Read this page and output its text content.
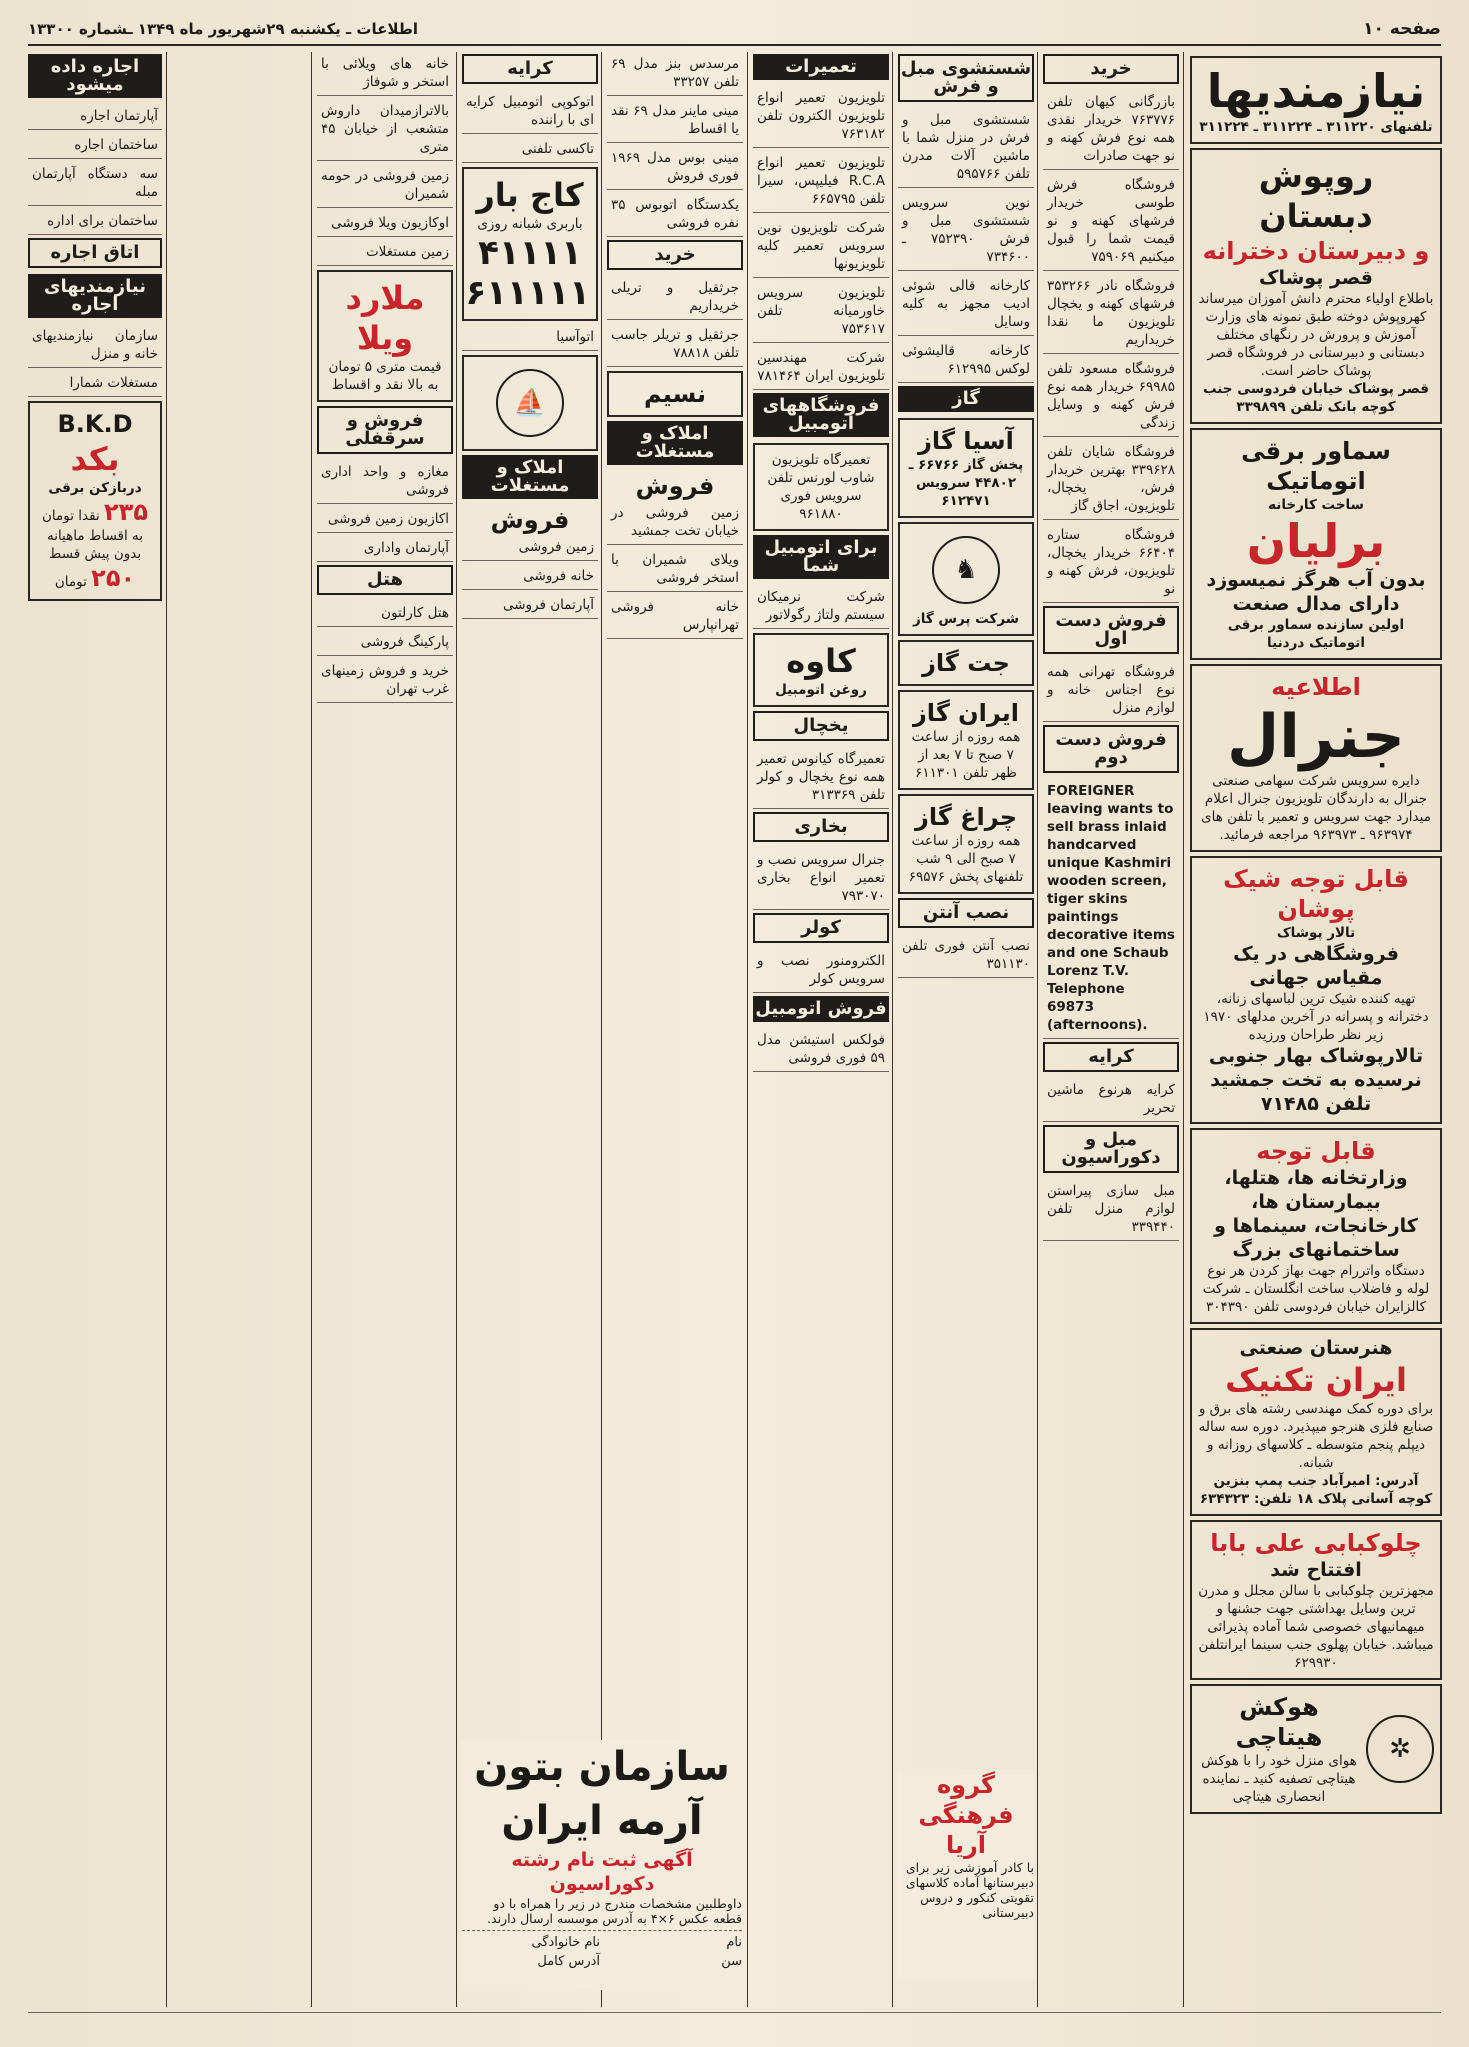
صفحه ۱۰
اطلاعات ـ یکشنبه ۲۹شهریور ماه ۱۳۴۹ ـشماره ۱۳۳۰۰
نیازمندیها
تلفنهای ۳۱۱۲۲۰ ـ ۳۱۱۲۲۴ ـ ۳۱۱۲۲۴
روپوش دبستان
و دبیرستان دخترانه
قصر پوشاک
باطلاع اولیاء محترم دانش آموزان میرساند کهروپوش دوخته طبق نمونه های وزارت آموزش و پرورش در رنگهای مختلف دبستانی و دبیرستانی در فروشگاه قصر پوشاک حاضر است.
قصر پوشاک خیابان فردوسی جنب کوچه بانک تلفن ۳۳۹۸۹۹
سماور برقی اتوماتیک
ساخت کارخانه
برلیان
بدون آب هرگز نمیسوزد دارای مدال صنعت
اولین سازنده سماور برقی اتوماتیک دردنیا
اطلاعیه
جنرال
دایره سرویس شرکت سهامی صنعتی جنرال به دارندگان تلویزیون جنرال اعلام میدارد جهت سرویس و تعمیر با تلفن های ۹۶۳۹۷۴ ـ ۹۶۳۹۷۳ مراجعه فرمائید.
قابل توجه شیک پوشان
تالار پوشاک
فروشگاهی در یک مقیاس جهانی
تهیه کننده شیک ترین لباسهای زنانه، دخترانه و پسرانه در آخرین مدلهای ۱۹۷۰ زیر نظر طراحان ورزیده
تالارپوشاک بهار جنوبی نرسیده به تخت جمشید تلفن ۷۱۴۸۵
قابل توجه
وزارتخانه ها، هتلها، بیمارستان ها، کارخانجات، سینماها و ساختمانهای بزرگ
دستگاه واتررام جهت بهاز کردن هر نوع لوله و فاضلاب ساخت انگلستان ـ شرکت کالزایران خیابان فردوسی تلفن ۳۰۴۳۹۰
هنرستان صنعتی
ایران تکنیک
برای دوره کمک مهندسی رشته های برق و صنایع فلزی هنرجو میپذیرد. دوره سه ساله دیپلم پنجم متوسطه ـ کلاسهای روزانه و شبانه.
آدرس: امیرآباد جنب پمپ بنزین کوچه آسانی پلاک ۱۸ تلفن: ۶۳۴۳۲۳
چلوکبابی علی بابا
افتتاح شد
مجهزترین چلوکبابی با سالن مجلل و مدرن ترین وسایل بهداشتی جهت جشنها و میهمانیهای خصوصی شما آماده پذیرائی میباشد. خیابان پهلوی جنب سینما ایرانتلفن ۶۲۹۹۳۰
✲
هوکش هیتاچی
هوای منزل خود را با هوکش هیتاچی تصفیه کنید ـ نماینده انحصاری هیتاچی
خرید
بازرگانی کیهان تلفن ۷۶۳۷۷۶ خریدار نقدی همه نوع فرش کهنه و نو جهت صادرات
فروشگاه فرش طوسی خریدار فرشهای کهنه و نو قیمت شما را قبول میکنیم ۷۵۹۰۶۹
فروشگاه نادر ۳۵۳۲۶۶ فرشهای کهنه و یخچال تلویزیون ما نقدا خریداریم
فروشگاه مسعود تلفن ۶۹۹۸۵ خریدار همه نوع فرش کهنه و وسایل زندگی
فروشگاه شایان تلفن ۳۳۹۶۲۸ بهترین خریدار فرش، یخچال، تلویزیون، اجاق گاز
فروشگاه ستاره ۶۶۴۰۴ خریدار یخچال، تلویزیون، فرش کهنه و نو
فروش دست اول
فروشگاه تهرانی همه نوع اجناس خانه و لوازم منزل
فروش دست دوم
FOREIGNER leaving wants to sell brass inlaid handcarved unique Kashmiri wooden screen, tiger skins paintings decorative items and one Schaub Lorenz T.V. Telephone 69873 (afternoons).
کرایه
کرایه هرنوع ماشین تحریر
مبل و دکوراسیون
مبل سازی پیراستن لوازم منزل تلفن ۳۳۹۴۴۰
شستشوی مبل و فرش
شستشوی مبل و فرش در منزل شما با ماشین آلات مدرن تلفن ۵۹۵۷۶۶
نوین سرویس شستشوی مبل و فرش ۷۵۲۳۹۰ ـ ۷۳۴۶۰۰
کارخانه قالی شوئی ادیب مجهز به کلیه وسایل
کارخانه قالیشوئی لوکس ۶۱۲۹۹۵
گاز
آسیا گاز
پخش گاز ۶۶۷۶۶ ـ ۴۴۸۰۲ سرویس ۶۱۲۴۷۱
♞
شرکت پرس گاز
جت گاز
ایران گاز
همه روزه از ساعت ۷ صبح تا ۷ بعد از ظهر تلفن ۶۱۱۳۰۱
چراغ گاز
همه روزه از ساعت ۷ صبح الی ۹ شب تلفنهای پخش ۶۹۵۷۶
نصب آنتن
نصب آنتن فوری تلفن ۳۵۱۱۳۰
تعمیرات
تلویزیون تعمیر انواع تلویزیون الکترون تلفن ۷۶۳۱۸۲
تلویزیون تعمیر انواع R.C.A فیلیپس، سیرا تلفن ۶۶۵۷۹۵
شرکت تلویزیون نوین سرویس تعمیر کلیه تلویزیونها
تلویزیون سرویس خاورمیانه تلفن ۷۵۳۶۱۷
شرکت مهندسین تلویزیون ایران ۷۸۱۴۶۴
فروشگاههای اتومبیل
تعمیرگاه تلویزیون شاوب لورنس تلفن سرویس فوری ۹۶۱۸۸۰
برای اتومبیل شما
شرکت نرمیکان سیستم ولتاژ رگولاتور
کاوه
روغن اتومبیل
یخچال
تعمیرگاه کیانوس تعمیر همه نوع یخچال و کولر تلفن ۳۱۳۳۶۹
بخاری
جنرال سرویس نصب و تعمیر انواع بخاری ۷۹۳۰۷۰
کولر
الکترومنور نصب و سرویس کولر
فروش اتومبیل
فولکس استیشن مدل ۵۹ فوری فروشی
مرسدس بنز مدل ۶۹ تلفن ۳۳۲۵۷
مینی ماینر مدل ۶۹ نقد یا اقساط
مینی بوس مدل ۱۹۶۹ فوری فروش
یکدستگاه اتوبوس ۳۵ نفره فروشی
خرید
جرثقیل و تریلی خریداریم
جرثقیل و تریلر جاسب تلفن ۷۸۸۱۸
نسیم
املاک و مستغلات
فروش
زمین فروشی در خیابان تخت جمشید
ویلای شمیران با استخر فروشی
خانه فروشی تهرانپارس
کرایه
اتوکوپی اتومبیل کرایه ای با راننده
تاکسی تلفنی
کاج بار
باربری شبانه روزی
۴۱۱۱۱
۶۱۱۱۱۱
اتوآسیا
⛵
املاک و مستغلات
فروش
زمین فروشی
خانه فروشی
آپارتمان فروشی
خانه های ویلائی با استخر و شوفاژ
بالاترازمیدان داروش متشعب از خیابان ۴۵ متری
زمین فروشی در حومه شمیران
اوکازیون ویلا فروشی
زمین مستغلات
ملارد ویلا
قیمت متری ۵ تومان به بالا نقد و اقساط
فروش و سرقفلی
مغازه و واحد اداری فروشی
اکازیون زمین فروشی
آپارتمان واداری
هتل
هتل کارلتون
پارکینگ فروشی
خرید و فروش زمینهای غرب تهران
اجاره داده میشود
آپارتمان اجاره
ساختمان اجاره
سه دستگاه آپارتمان مبله
ساختمان برای اداره
اتاق اجاره
نیازمندیهای اجاره
سازمان نیازمندیهای خانه و منزل
مستغلات شمارا
B.K.D
بکد
دربازکن برقی
۲۳۵ نقدا تومان
به اقساط ماهیانه بدون پیش قسط
۲۵۰ تومان
سازمان بتون آرمه ایران
آگهی ثبت نام رشته دکوراسیون
داوطلبین مشخصات مندرج در زیر را همراه با دو قطعه عکس ۶×۴ به آدرس موسسه ارسال دارند.
نام
نام خانوادگی
سن
آدرس کامل
گروه فرهنگی آریا
با کادر آموزشی زیر برای دبیرستانها آماده کلاسهای تقویتی کنکور و دروس دبیرستانی
